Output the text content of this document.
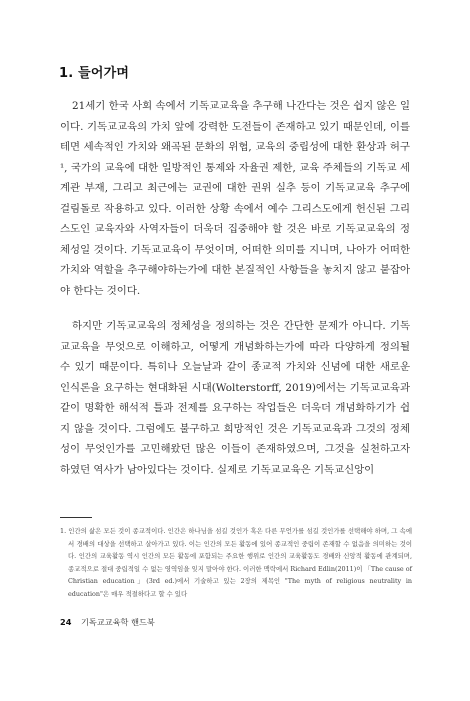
1. 들어가며

21세기 한국 사회 속에서 기독교교육을 추구해 나간다는 것은 쉽지 않은 일이다. 기독교교육의 가치 앞에 강력한 도전들이 존재하고 있기 때문인데, 이를 테면 세속적인 가치와 왜곡된 문화의 위협, 교육의 중립성에 대한 환상과 허구¹, 국가의 교육에 대한 일방적인 통제와 자율권 제한, 교육 주체들의 기독교 세계관 부재, 그리고 최근에는 교권에 대한 권위 실추 등이 기독교교육 추구에 걸림돌로 작용하고 있다. 이러한 상황 속에서 예수 그리스도에게 헌신된 그리스도인 교육자와 사역자들이 더욱더 집중해야 할 것은 바로 기독교교육의 정체성일 것이다. 기독교교육이 무엇이며, 어떠한 의미를 지니며, 나아가 어떠한 가치와 역할을 추구해야하는가에 대한 본질적인 사항들을 놓치지 않고 붙잡아야 한다는 것이다.

하지만 기독교교육의 정체성을 정의하는 것은 간단한 문제가 아니다. 기독교교육을 무엇으로 이해하고, 어떻게 개념화하는가에 따라 다양하게 정의될 수 있기 때문이다. 특히나 오늘날과 같이 종교적 가치와 신념에 대한 새로운 인식론을 요구하는 현대화된 시대(Wolterstorff, 2019)에서는 기독교교육과 같이 명확한 해석적 틀과 전제를 요구하는 작업들은 더욱더 개념화하기가 쉽지 않을 것이다. 그럼에도 불구하고 희망적인 것은 기독교교육과 그것의 정체성이 무엇인가를 고민해왔던 많은 이들이 존재하였으며, 그것을 실천하고자 하였던 역사가 남아있다는 것이다. 실제로 기독교교육은 기독교신앙이

1. 인간의 삶은 모든 것이 종교적이다. 인간은 하나님을 섬길 것인가 혹은 다른 무언가를 섬길 것인가를 선택해야 하며, 그 속에서 경배의 대상을 선택하고 살아가고 있다. 이는 인간의 모든 활동에 있어 종교적인 중립이 존재할 수 없음을 의미하는 것이다. 인간의 교육활동 역시 인간의 모든 활동에 포함되는 주요한 행위로 인간의 교육활동도 경배와 신앙적 활동에 관계되며, 종교적으로 절대 중립적일 수 없는 영역임을 잊지 말아야 한다. 이러한 맥락에서 Richard Edlin(2011)이 「The cause of Christian education」(3rd ed.)에서 기술하고 있는 2장의 제목인 "The myth of religious neutrality in education"은 매우 적절하다고 할 수 있다

24 기독교교육학 핸드북
